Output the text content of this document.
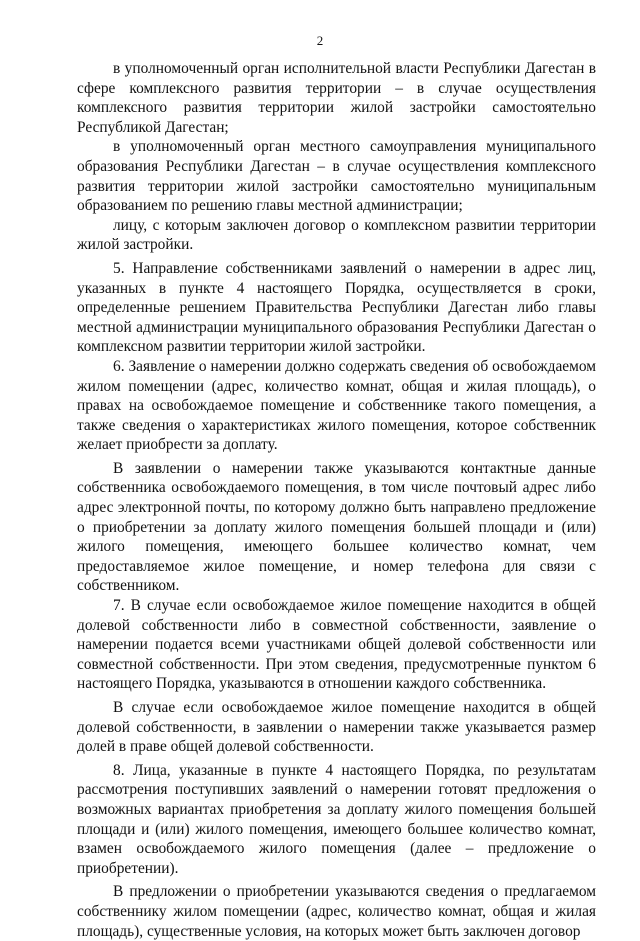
2

в уполномоченный орган исполнительной власти Республики Дагестан в сфере комплексного развития территории – в случае осуществления комплексного развития территории жилой застройки самостоятельно Республикой Дагестан;

в уполномоченный орган местного самоуправления муниципального образования Республики Дагестан – в случае осуществления комплексного развития территории жилой застройки самостоятельно муниципальным образованием по решению главы местной администрации;

лицу, с которым заключен договор о комплексном развитии территории жилой застройки.

5. Направление собственниками заявлений о намерении в адрес лиц, указанных в пункте 4 настоящего Порядка, осуществляется в сроки, определенные решением Правительства Республики Дагестан либо главы местной администрации муниципального образования Республики Дагестан о комплексном развитии территории жилой застройки.

6. Заявление о намерении должно содержать сведения об освобождаемом жилом помещении (адрес, количество комнат, общая и жилая площадь), о правах на освобождаемое помещение и собственнике такого помещения, а также сведения о характеристиках жилого помещения, которое собственник желает приобрести за доплату.

В заявлении о намерении также указываются контактные данные собственника освобождаемого помещения, в том числе почтовый адрес либо адрес электронной почты, по которому должно быть направлено предложение о приобретении за доплату жилого помещения большей площади и (или) жилого помещения, имеющего большее количество комнат, чем предоставляемое жилое помещение, и номер телефона для связи с собственником.

7. В случае если освобождаемое жилое помещение находится в общей долевой собственности либо в совместной собственности, заявление о намерении подается всеми участниками общей долевой собственности или совместной собственности. При этом сведения, предусмотренные пунктом 6 настоящего Порядка, указываются в отношении каждого собственника.

В случае если освобождаемое жилое помещение находится в общей долевой собственности, в заявлении о намерении также указывается размер долей в праве общей долевой собственности.

8. Лица, указанные в пункте 4 настоящего Порядка, по результатам рассмотрения поступивших заявлений о намерении готовят предложения о возможных вариантах приобретения за доплату жилого помещения большей площади и (или) жилого помещения, имеющего большее количество комнат, взамен освобождаемого жилого помещения (далее – предложение о приобретении).

В предложении о приобретении указываются сведения о предлагаемом собственнику жилом помещении (адрес, количество комнат, общая и жилая площадь), существенные условия, на которых может быть заключен договор
